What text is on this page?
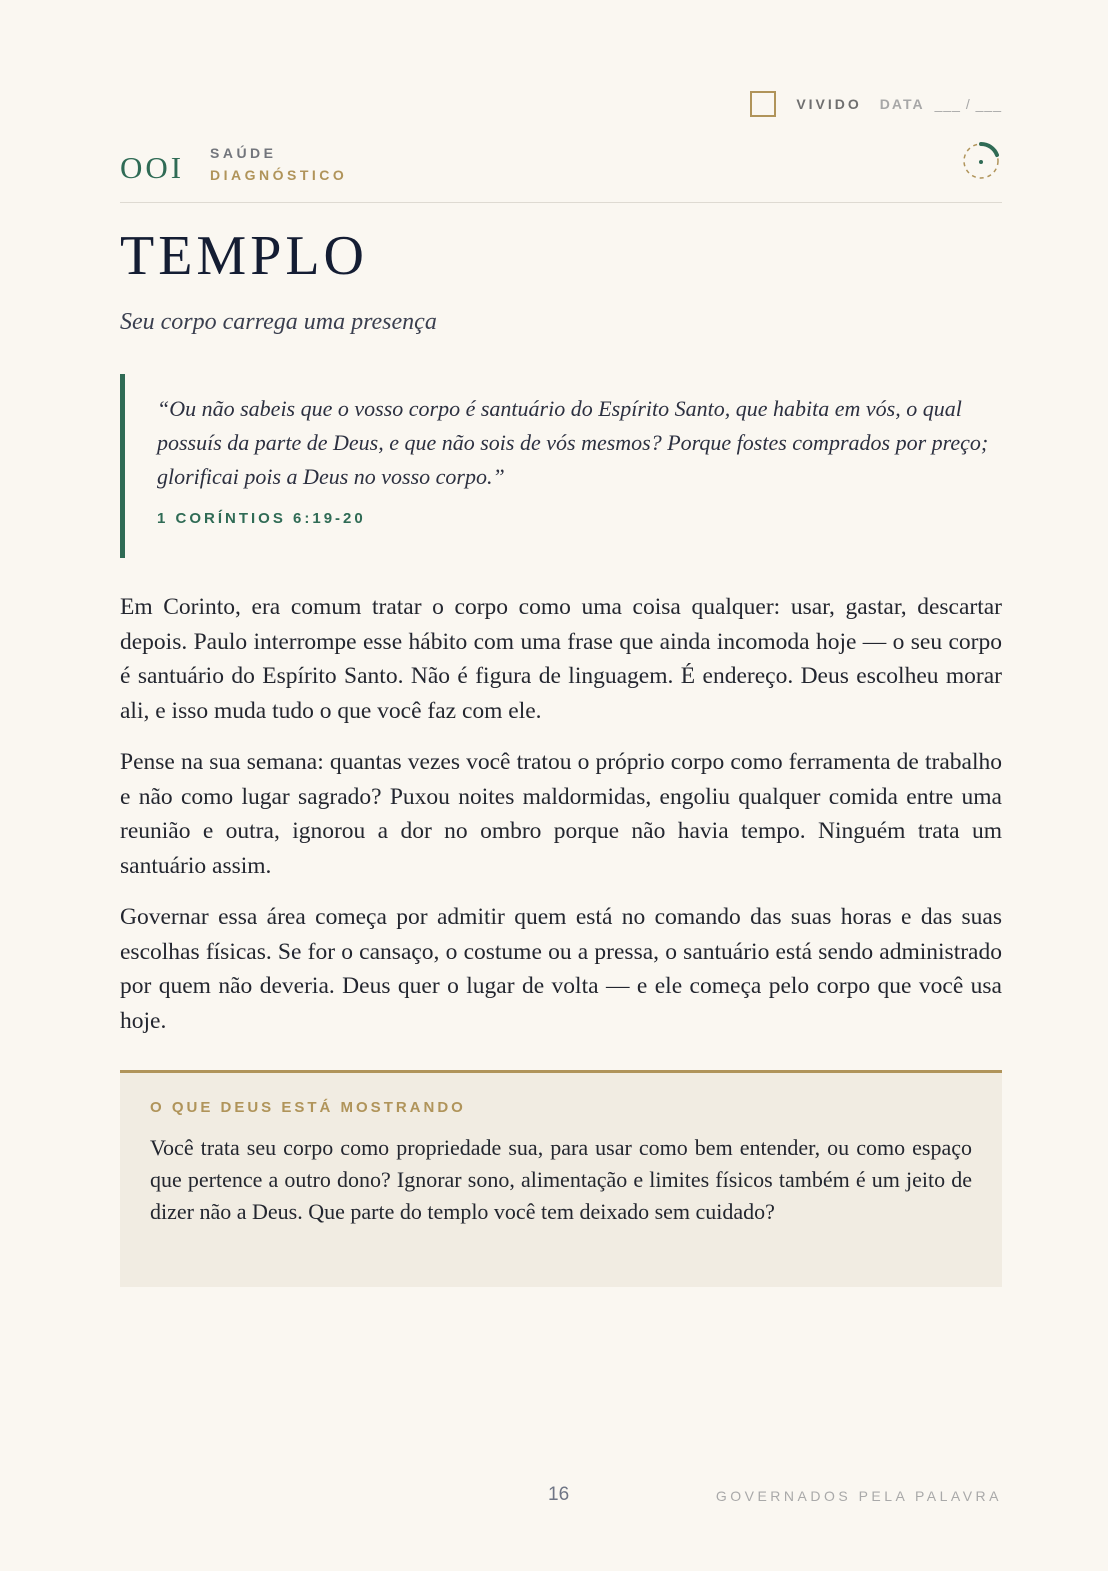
VIVIDO DATA ___ / ___
OOI SAÚDE
DIAGNÓSTICO
TEMPLO
Seu corpo carrega uma presença
“Ou não sabeis que o vosso corpo é santuário do Espírito Santo, que habita em vós, o qual possuís da parte de Deus, e que não sois de vós mesmos? Porque fostes comprados por preço; glorificai pois a Deus no vosso corpo.”
1 CORÍNTIOS 6:19-20

Em Corinto, era comum tratar o corpo como uma coisa qualquer: usar, gastar, descartar depois. Paulo interrompe esse hábito com uma frase que ainda incomoda hoje — o seu corpo é santuário do Espírito Santo. Não é figura de linguagem. É endereço. Deus escolheu morar ali, e isso muda tudo o que você faz com ele.

Pense na sua semana: quantas vezes você tratou o próprio corpo como ferramenta de trabalho e não como lugar sagrado? Puxou noites maldormidas, engoliu qualquer comida entre uma reunião e outra, ignorou a dor no ombro porque não havia tempo. Ninguém trata um santuário assim.

Governar essa área começa por admitir quem está no comando das suas horas e das suas escolhas físicas. Se for o cansaço, o costume ou a pressa, o santuário está sendo administrado por quem não deveria. Deus quer o lugar de volta — e ele começa pelo corpo que você usa hoje.

O QUE DEUS ESTÁ MOSTRANDO
Você trata seu corpo como propriedade sua, para usar como bem entender, ou como espaço que pertence a outro dono? Ignorar sono, alimentação e limites físicos também é um jeito de dizer não a Deus. Que parte do templo você tem deixado sem cuidado?
16	GOVERNADOS PELA PALAVRA
